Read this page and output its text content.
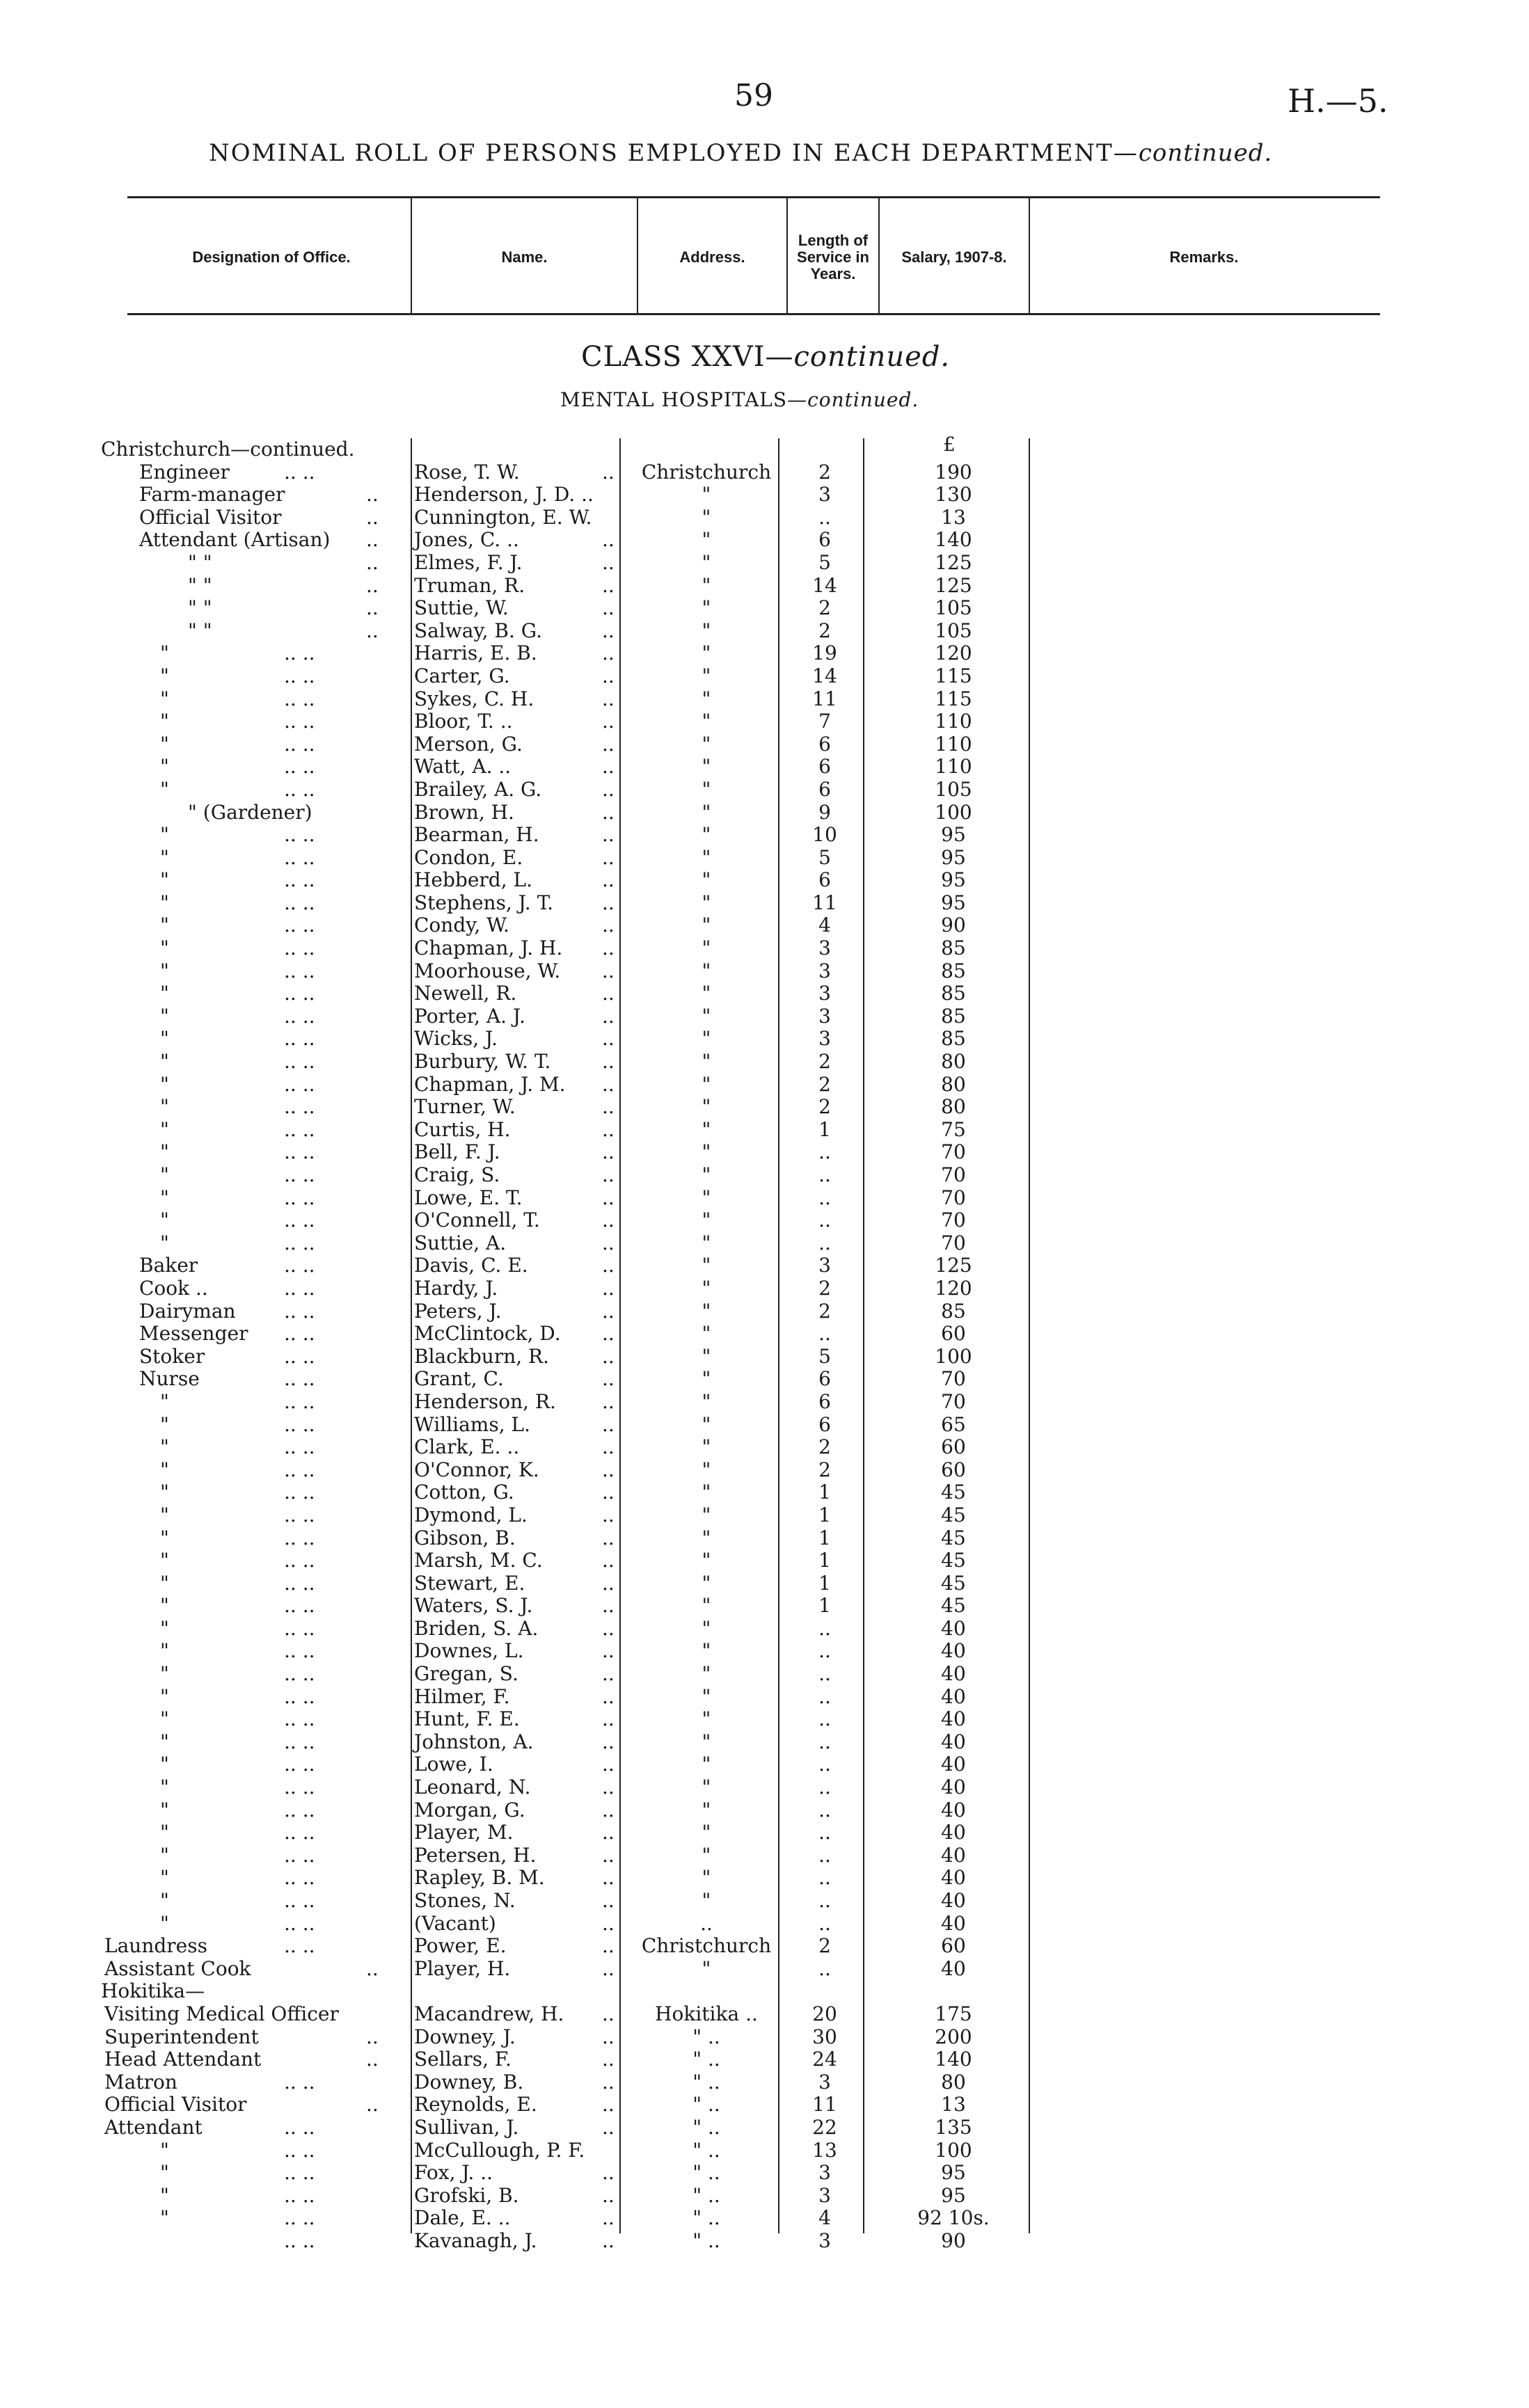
59	H.—5.
NOMINAL ROLL OF PERSONS EMPLOYED IN EACH DEPARTMENT—continued.
Designation of Office.	Name.	Address.
Length of Service in Years.
Salary, 1907-8.	Remarks.
CLASS XXVI—continued.
MENTAL HOSPITALS—continued.
£
Christchurch—continued.
Engineer	.. ..	Rose, T. W.	..	Christchurch	2	190
Farm-manager	.. Henderson, J. D. ..	"	3	130
Official Visitor	.. Cunnington, E. W.	"	..	13
Attendant (Artisan) .. Jones, C. ..	..	"	6	140
" "	.. Elmes, F. J.	..	"	5	125
" "	.. Truman, R.	..	"	14	125
" "	.. Suttie, W.	..	"	2	105
" "	.. Salway, B. G.	..	"	2	105
"	.. ..	Harris, E. B.	..	"	19	120
"	.. ..	Carter, G.	..	"	14	115
"	.. ..	Sykes, C. H.	..	"	11	115
"	.. ..	Bloor, T. ..	..	"	7	110
"	.. ..	Merson, G.	..	"	6	110
"	.. ..	Watt, A. ..	..	"	6	110
"	.. ..	Brailey, A. G.	..	"	6	105
" (Gardener)	Brown, H.	..	"	9	100
"	.. ..	Bearman, H.	..	"	10	95
"	.. ..	Condon, E.	..	"	5	95
"	.. ..	Hebberd, L.	..	"	6	95
"	.. ..	Stephens, J. T. ..	"	11	95
"	.. ..	Condy, W.	..	"	4	90
"	.. ..	Chapman, J. H. ..	"	3	85
"	.. ..	Moorhouse, W. ..	"	3	85
"	.. ..	Newell, R.	..	"	3	85
"	.. ..	Porter, A. J.	..	"	3	85
"	.. ..	Wicks, J.	..	"	3	85
"	.. ..	Burbury, W. T.	..	"	2	80
"	.. ..	Chapman, J. M. ..	"	2	80
"	.. ..	Turner, W.	..	"	2	80
"	.. ..	Curtis, H.	..	"	1	75
"	.. ..	Bell, F. J.	..	"	..	70
"	.. ..	Craig, S.	..	"	..	70
"	.. ..	Lowe, E. T.	..	"	..	70
"	.. ..	O'Connell, T.	..	"	..	70
"	.. ..	Suttie, A.	..	"	..	70
Baker	.. ..	Davis, C. E.	..	"	3	125
Cook ..	.. ..	Hardy, J.	..	"	2	120
Dairyman .. ..	Peters, J.	..	"	2	85
Messenger .. ..	McClintock, D. ..	"	..	60
Stoker	.. ..	Blackburn, R.	..	"	5	100
Nurse	.. ..	Grant, C.	..	"	6	70
"	.. ..	Henderson, R. ..	"	6	70
"	.. ..	Williams, L.	..	"	6	65
"	.. ..	Clark, E. ..	..	"	2	60
"	.. ..	O'Connor, K.	..	"	2	60
"	.. ..	Cotton, G.	..	"	1	45
"	.. ..	Dymond, L.	..	"	1	45
"	.. ..	Gibson, B.	..	"	1	45
"	.. ..	Marsh, M. C.	..	"	1	45
"	.. ..	Stewart, E.	..	"	1	45
"	.. ..	Waters, S. J.	..	"	1	45
"	.. ..	Briden, S. A.	..	"	..	40
"	.. ..	Downes, L.	..	"	..	40
"	.. ..	Gregan, S.	..	"	..	40
"	.. ..	Hilmer, F.	..	"	..	40
"	.. ..	Hunt, F. E.	..	"	..	40
"	.. ..	Johnston, A.	..	"	..	40
"	.. ..	Lowe, I.	..	"	..	40
"	.. ..	Leonard, N.	..	"	..	40
"	.. ..	Morgan, G.	..	"	..	40
"	.. ..	Player, M.	..	"	..	40
"	.. ..	Petersen, H.	..	"	..	40
"	.. ..	Rapley, B. M.	..	"	..	40
"	.. ..	Stones, N.	..	"	..	40
"	.. ..	(Vacant)	..	..	..	40
Laundress	.. ..	Power, E.	..	Christchurch	2	60
Assistant Cook	.. Player, H.	..	"	..	40
Hokitika—
Visiting Medical Officer	Macandrew, H. ..	Hokitika ..	20	175
Superintendent	.. Downey, J.	..	" ..	30	200
Head Attendant	.. Sellars, F.	..	" ..	24	140
Matron	.. ..	Downey, B.	..	" ..	3	80
Official Visitor	.. Reynolds, E.	..	" ..	11	13
Attendant	.. ..	Sullivan, J.	..	" ..	22	135
"	.. ..	McCullough, P. F.	" ..	13	100
"	.. ..	Fox, J. ..	..	" ..	3	95
"	.. ..	Grofski, B.	..	" ..	3	95
"	.. ..	Dale, E. ..	..	" ..	4	92 10s.
.. ..	Kavanagh, J.	..	" ..	3	90
